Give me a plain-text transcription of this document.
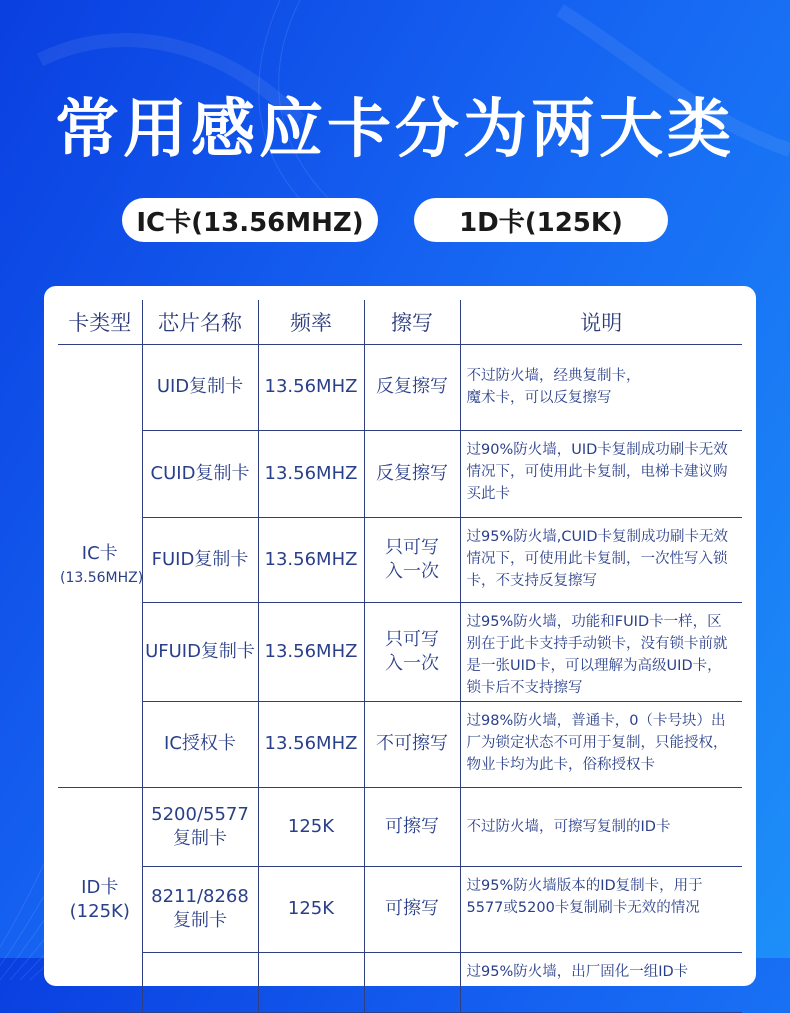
常用感应卡分为两大类
IC卡(13.56MHZ)	1D卡(125K)
卡类型	芯片名称	频率	擦写	说明
IC卡
(13.56MHZ)	UID复制卡	13.56MHZ	反复擦写	不过防火墙，经典复制卡，
魔术卡，可以反复擦写
	CUID复制卡	13.56MHZ	反复擦写	过90%防火墙，UID卡复制成功刷卡无效情况下，可使用此卡复制，电梯卡建议购买此卡
	FUID复制卡	13.56MHZ	只可写
入一次	过95%防火墙,CUID卡复制成功刷卡无效情况下，可使用此卡复制，一次性写入锁卡，不支持反复擦写
	UFUID复制卡	13.56MHZ	只可写
入一次	过95%防火墙，功能和FUID卡一样，区别在于此卡支持手动锁卡，没有锁卡前就是一张UID卡，可以理解为高级UID卡，锁卡后不支持擦写
	IC授权卡	13.56MHZ	不可擦写	过98%防火墙，普通卡，0（卡号块）出厂为锁定状态不可用于复制，只能授权，物业卡均为此卡，俗称授权卡
ID卡
(125K)	5200/5577
复制卡	125K	可擦写	不过防火墙，可擦写复制的ID卡
	8211/8268
复制卡	125K	可擦写	过95%防火墙版本的ID复制卡，用于5577或5200卡复制刷卡无效的情况
				过95%防火墙，出厂固化一组ID卡
